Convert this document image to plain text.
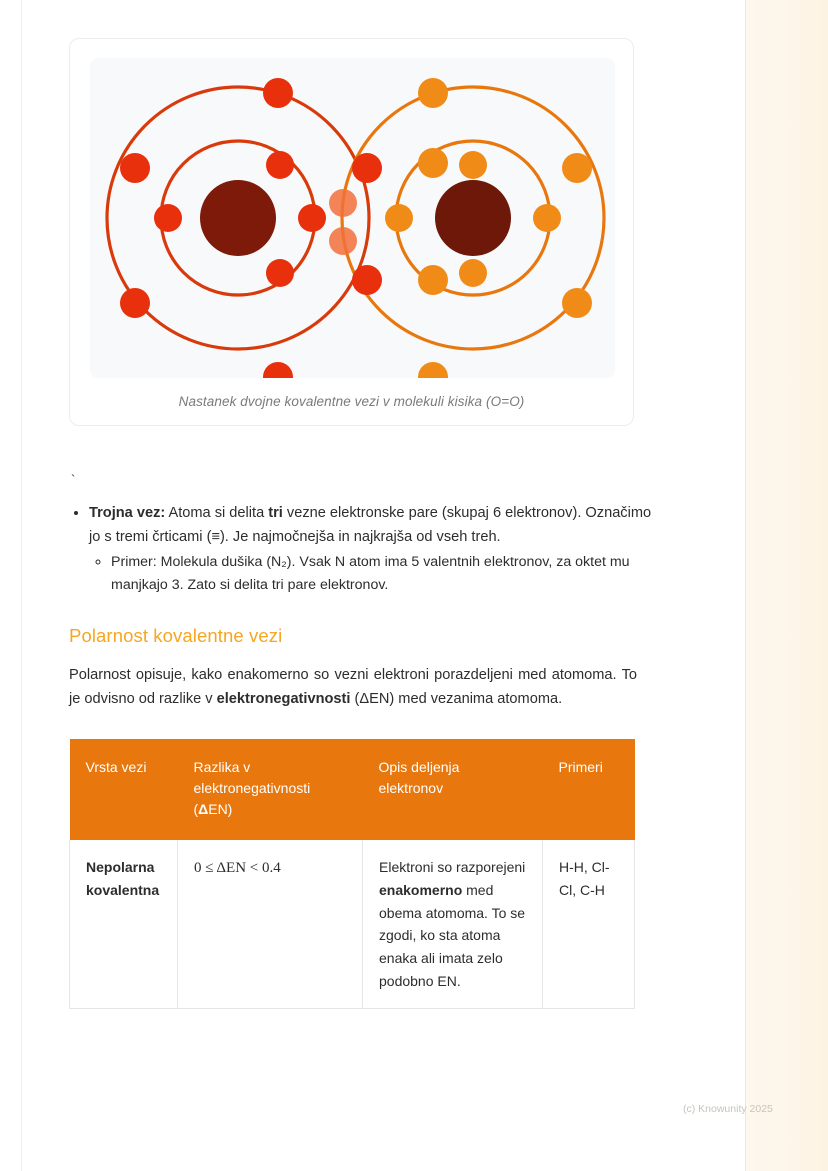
Nastanek dvojne kovalentne vezi v molekuli kisika (O=O)
`
• Trojna vez: Atoma si delita tri vezne elektronske pare (skupaj 6 elektronov). Označimo jo s tremi črticami (≡). Je najmočnejša in najkrajša od vseh treh.
◦ Primer: Molekula dušika (N₂). Vsak N atom ima 5 valentnih elektronov, za oktet mu manjkajo 3. Zato si delita tri pare elektronov.
Polarnost kovalentne vezi

Polarnost opisuje, kako enakomerno so vezni elektroni porazdeljeni med atomoma. To je odvisno od razlike v elektronegativnosti (ΔEN) med vezanima atomoma.

Vrsta vezi	Razlika v
elektronegativnosti
(ΔEN)	Opis deljenja
elektronov	Primeri
Nepolarna
kovalentna	0 ≤ ΔEN < 0.4	Elektroni so razporejeni enakomerno med obema atomoma. To se zgodi, ko sta atoma enaka ali imata zelo podobno EN.	H-H, Cl-Cl, C-H
(c) Knowunity 2025
